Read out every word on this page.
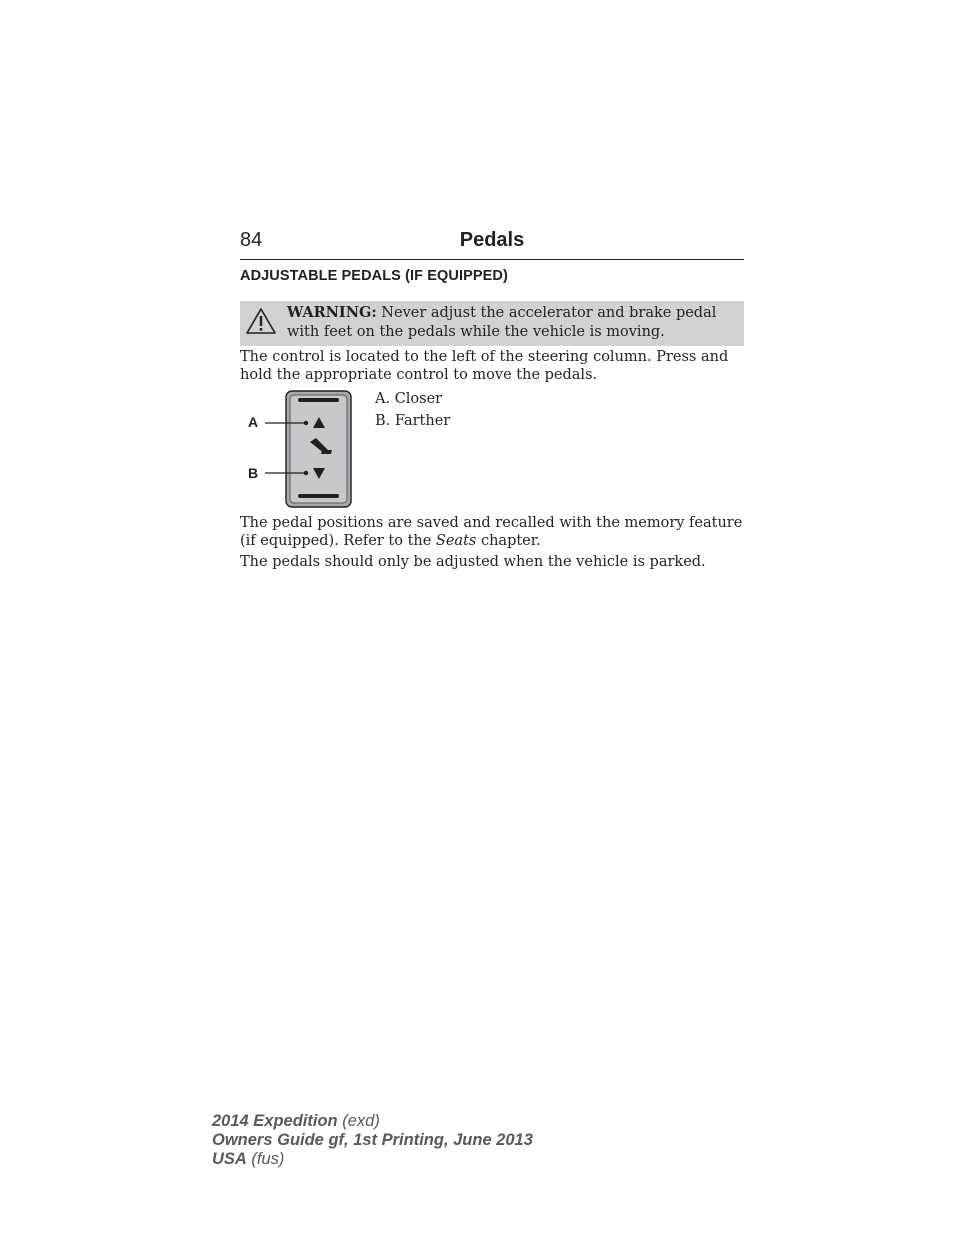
84	Pedals
ADJUSTABLE PEDALS (IF EQUIPPED)
WARNING: Never adjust the accelerator and brake pedal with feet on the pedals while the vehicle is moving.
The control is located to the left of the steering column. Press and hold the appropriate control to move the pedals.
A
B
A. Closer
B. Farther
The pedal positions are saved and recalled with the memory feature (if equipped). Refer to the Seats chapter.
The pedals should only be adjusted when the vehicle is parked.
2014 Expedition (exd)
Owners Guide gf, 1st Printing, June 2013
USA (fus)
